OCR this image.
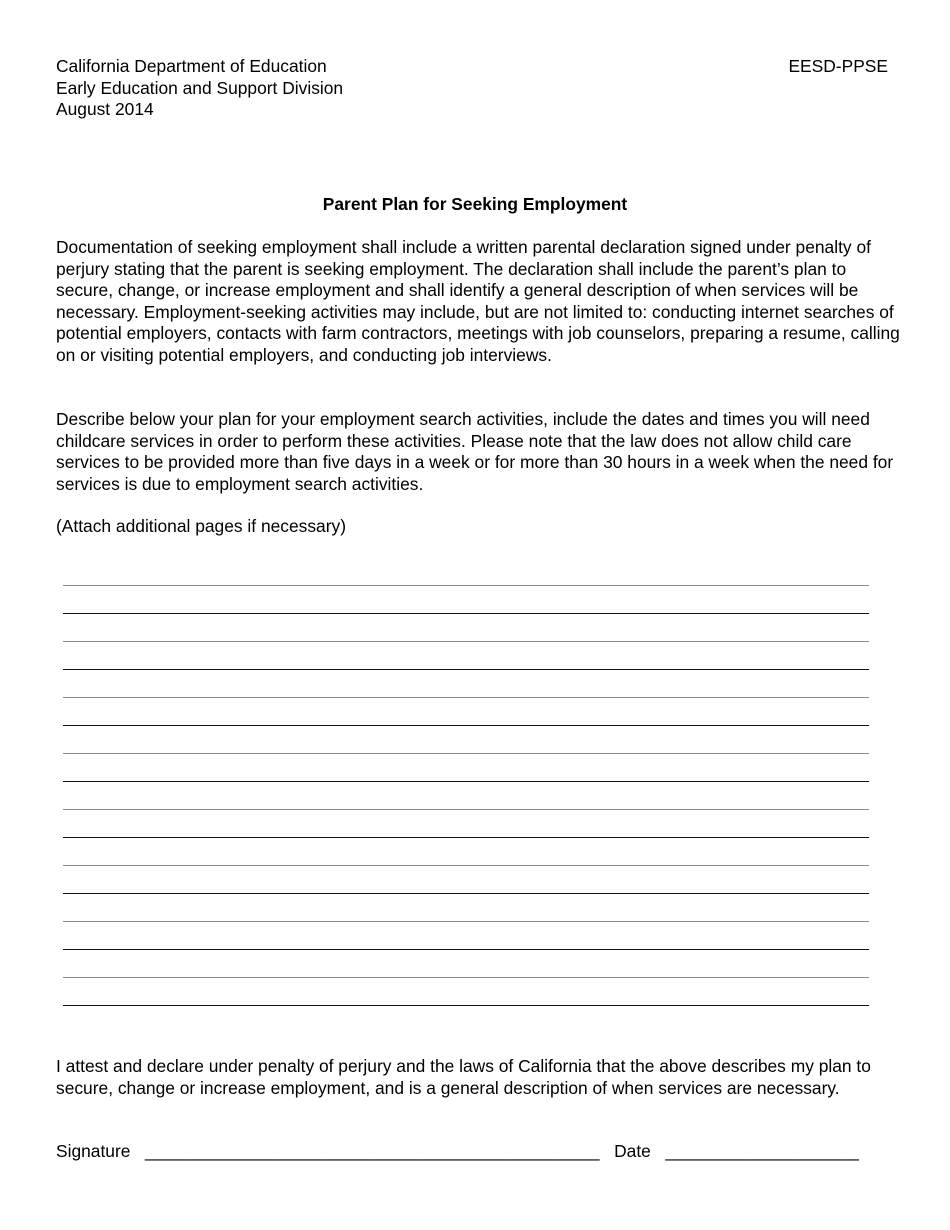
California Department of Education
Early Education and Support Division
August 2014
EESD-PPSE
Parent Plan for Seeking Employment

Documentation of seeking employment shall include a written parental declaration signed under penalty of perjury stating that the parent is seeking employment. The declaration shall include the parent’s plan to secure, change, or increase employment and shall identify a general description of when services will be necessary. Employment-seeking activities may include, but are not limited to: conducting internet searches of potential employers, contacts with farm contractors, meetings with job counselors, preparing a resume, calling on or visiting potential employers, and conducting job interviews.

Describe below your plan for your employment search activities, include the dates and times you will need childcare services in order to perform these activities. Please note that the law does not allow child care services to be provided more than five days in a week or for more than 30 hours in a week when the need for services is due to employment search activities.

(Attach additional pages if necessary)

I attest and declare under penalty of perjury and the laws of California that the above describes my plan to secure, change or increase employment, and is a general description of when services are necessary.

Signature _______________________________________________ Date ____________________
